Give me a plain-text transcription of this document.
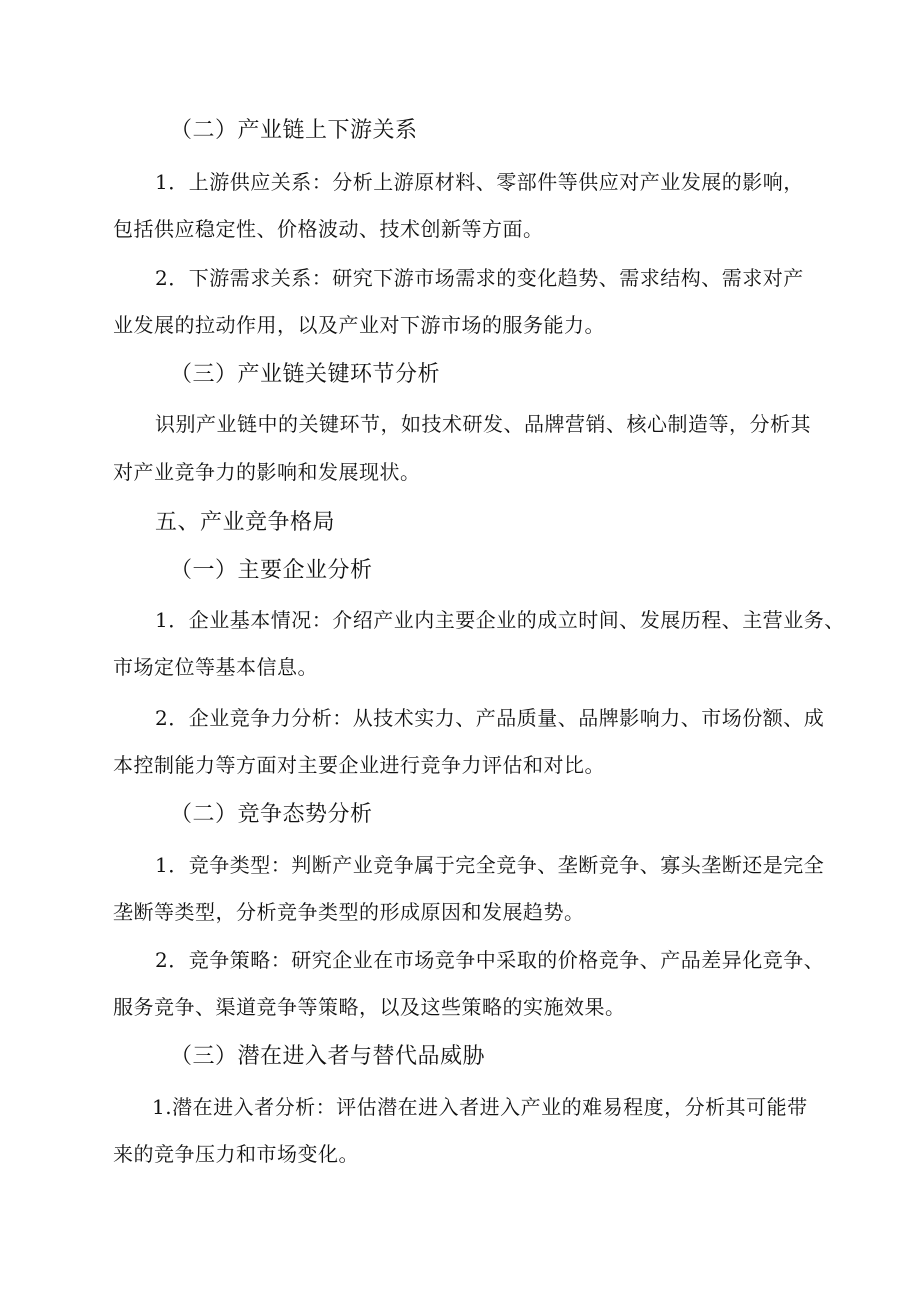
（二）产业链上下游关系
1．上游供应关系：分析上游原材料、零部件等供应对产业发展的影响，
包括供应稳定性、价格波动、技术创新等方面。
2．下游需求关系：研究下游市场需求的变化趋势、需求结构、需求对产
业发展的拉动作用，以及产业对下游市场的服务能力。
（三）产业链关键环节分析
识别产业链中的关键环节，如技术研发、品牌营销、核心制造等，分析其
对产业竞争力的影响和发展现状。
五、产业竞争格局
（一）主要企业分析
1．企业基本情况：介绍产业内主要企业的成立时间、发展历程、主营业务、
市场定位等基本信息。
2．企业竞争力分析：从技术实力、产品质量、品牌影响力、市场份额、成
本控制能力等方面对主要企业进行竞争力评估和对比。
（二）竞争态势分析
1．竞争类型：判断产业竞争属于完全竞争、垄断竞争、寡头垄断还是完全
垄断等类型，分析竞争类型的形成原因和发展趋势。
2．竞争策略：研究企业在市场竞争中采取的价格竞争、产品差异化竞争、
服务竞争、渠道竞争等策略，以及这些策略的实施效果。
（三）潜在进入者与替代品威胁
1.潜在进入者分析：评估潜在进入者进入产业的难易程度，分析其可能带
来的竞争压力和市场变化。
